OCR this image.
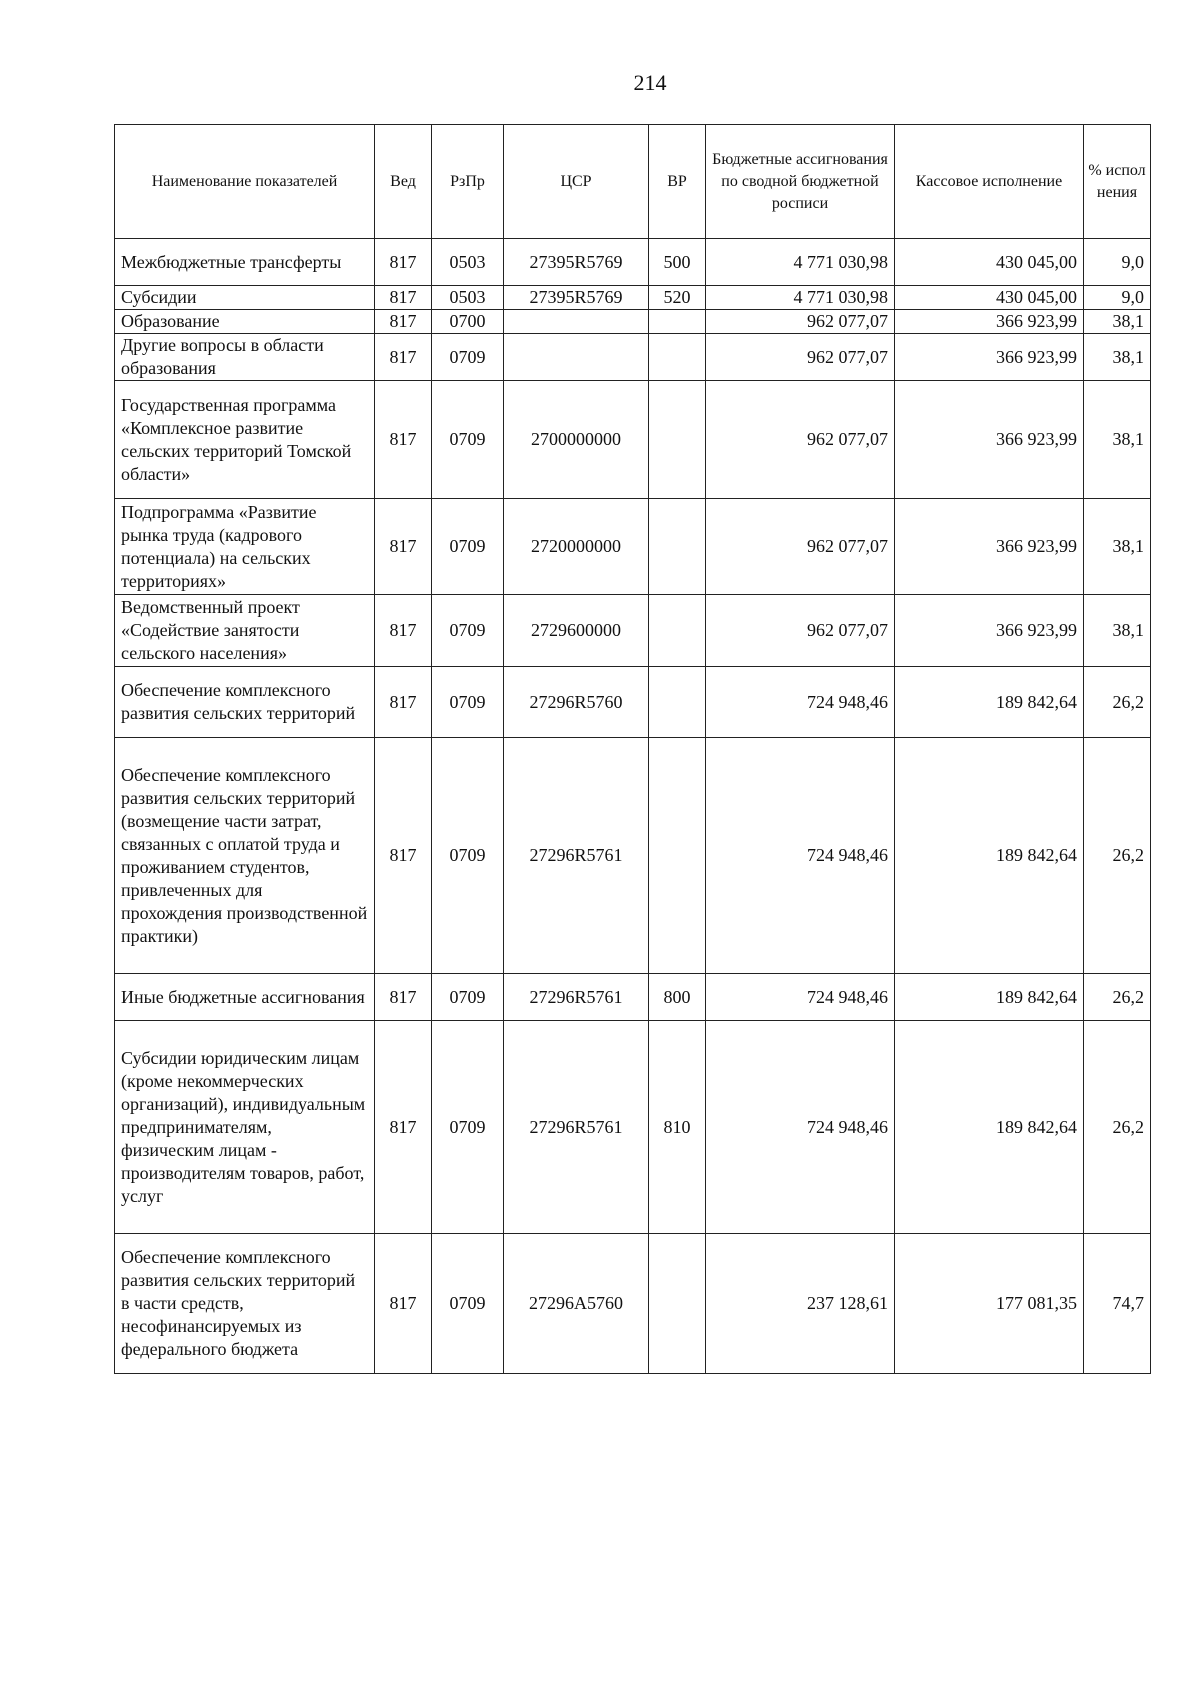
214
Наименование показателей	Вед	РзПр	ЦСР	ВР	Бюджетные ассигнования по сводной бюджетной росписи	Кассовое исполнение	% испол нения
Межбюджетные трансферты	817	0503	27395R5769	500	4 771 030,98	430 045,00	9,0
Субсидии	817	0503	27395R5769	520	4 771 030,98	430 045,00	9,0
Образование	817	0700			962 077,07	366 923,99	38,1
Другие вопросы в области образования	817	0709			962 077,07	366 923,99	38,1
Государственная программа «Комплексное развитие сельских территорий Томской области»	817	0709	2700000000		962 077,07	366 923,99	38,1
Подпрограмма «Развитие рынка труда (кадрового потенциала) на сельских территориях»	817	0709	2720000000		962 077,07	366 923,99	38,1
Ведомственный проект «Содействие занятости сельского населения»	817	0709	2729600000		962 077,07	366 923,99	38,1
Обеспечение комплексного развития сельских территорий	817	0709	27296R5760		724 948,46	189 842,64	26,2
Обеспечение комплексного развития сельских территорий (возмещение части затрат, связанных с оплатой труда и проживанием студентов, привлеченных для прохождения производственной практики)	817	0709	27296R5761		724 948,46	189 842,64	26,2
Иные бюджетные ассигнования	817	0709	27296R5761	800	724 948,46	189 842,64	26,2
Субсидии юридическим лицам (кроме некоммерческих организаций), индивидуальным предпринимателям, физическим лицам - производителям товаров, работ, услуг	817	0709	27296R5761	810	724 948,46	189 842,64	26,2
Обеспечение комплексного развития сельских территорий в части средств, несофинансируемых из федерального бюджета	817	0709	27296А5760		237 128,61	177 081,35	74,7
